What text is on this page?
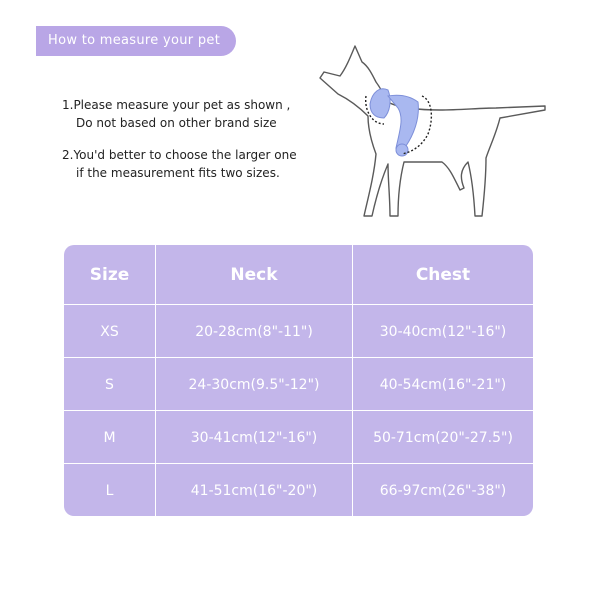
How to measure your pet
1.Please measure your pet as shown ,
Do not based on other brand size
2.You'd better to choose the larger one
if the measurement fits two sizes.
Size	Neck	Chest
XS	20-28cm(8"-11")	30-40cm(12"-16")
S	24-30cm(9.5"-12")	40-54cm(16"-21")
M	30-41cm(12"-16")	50-71cm(20"-27.5")
L	41-51cm(16"-20")	66-97cm(26"-38")
